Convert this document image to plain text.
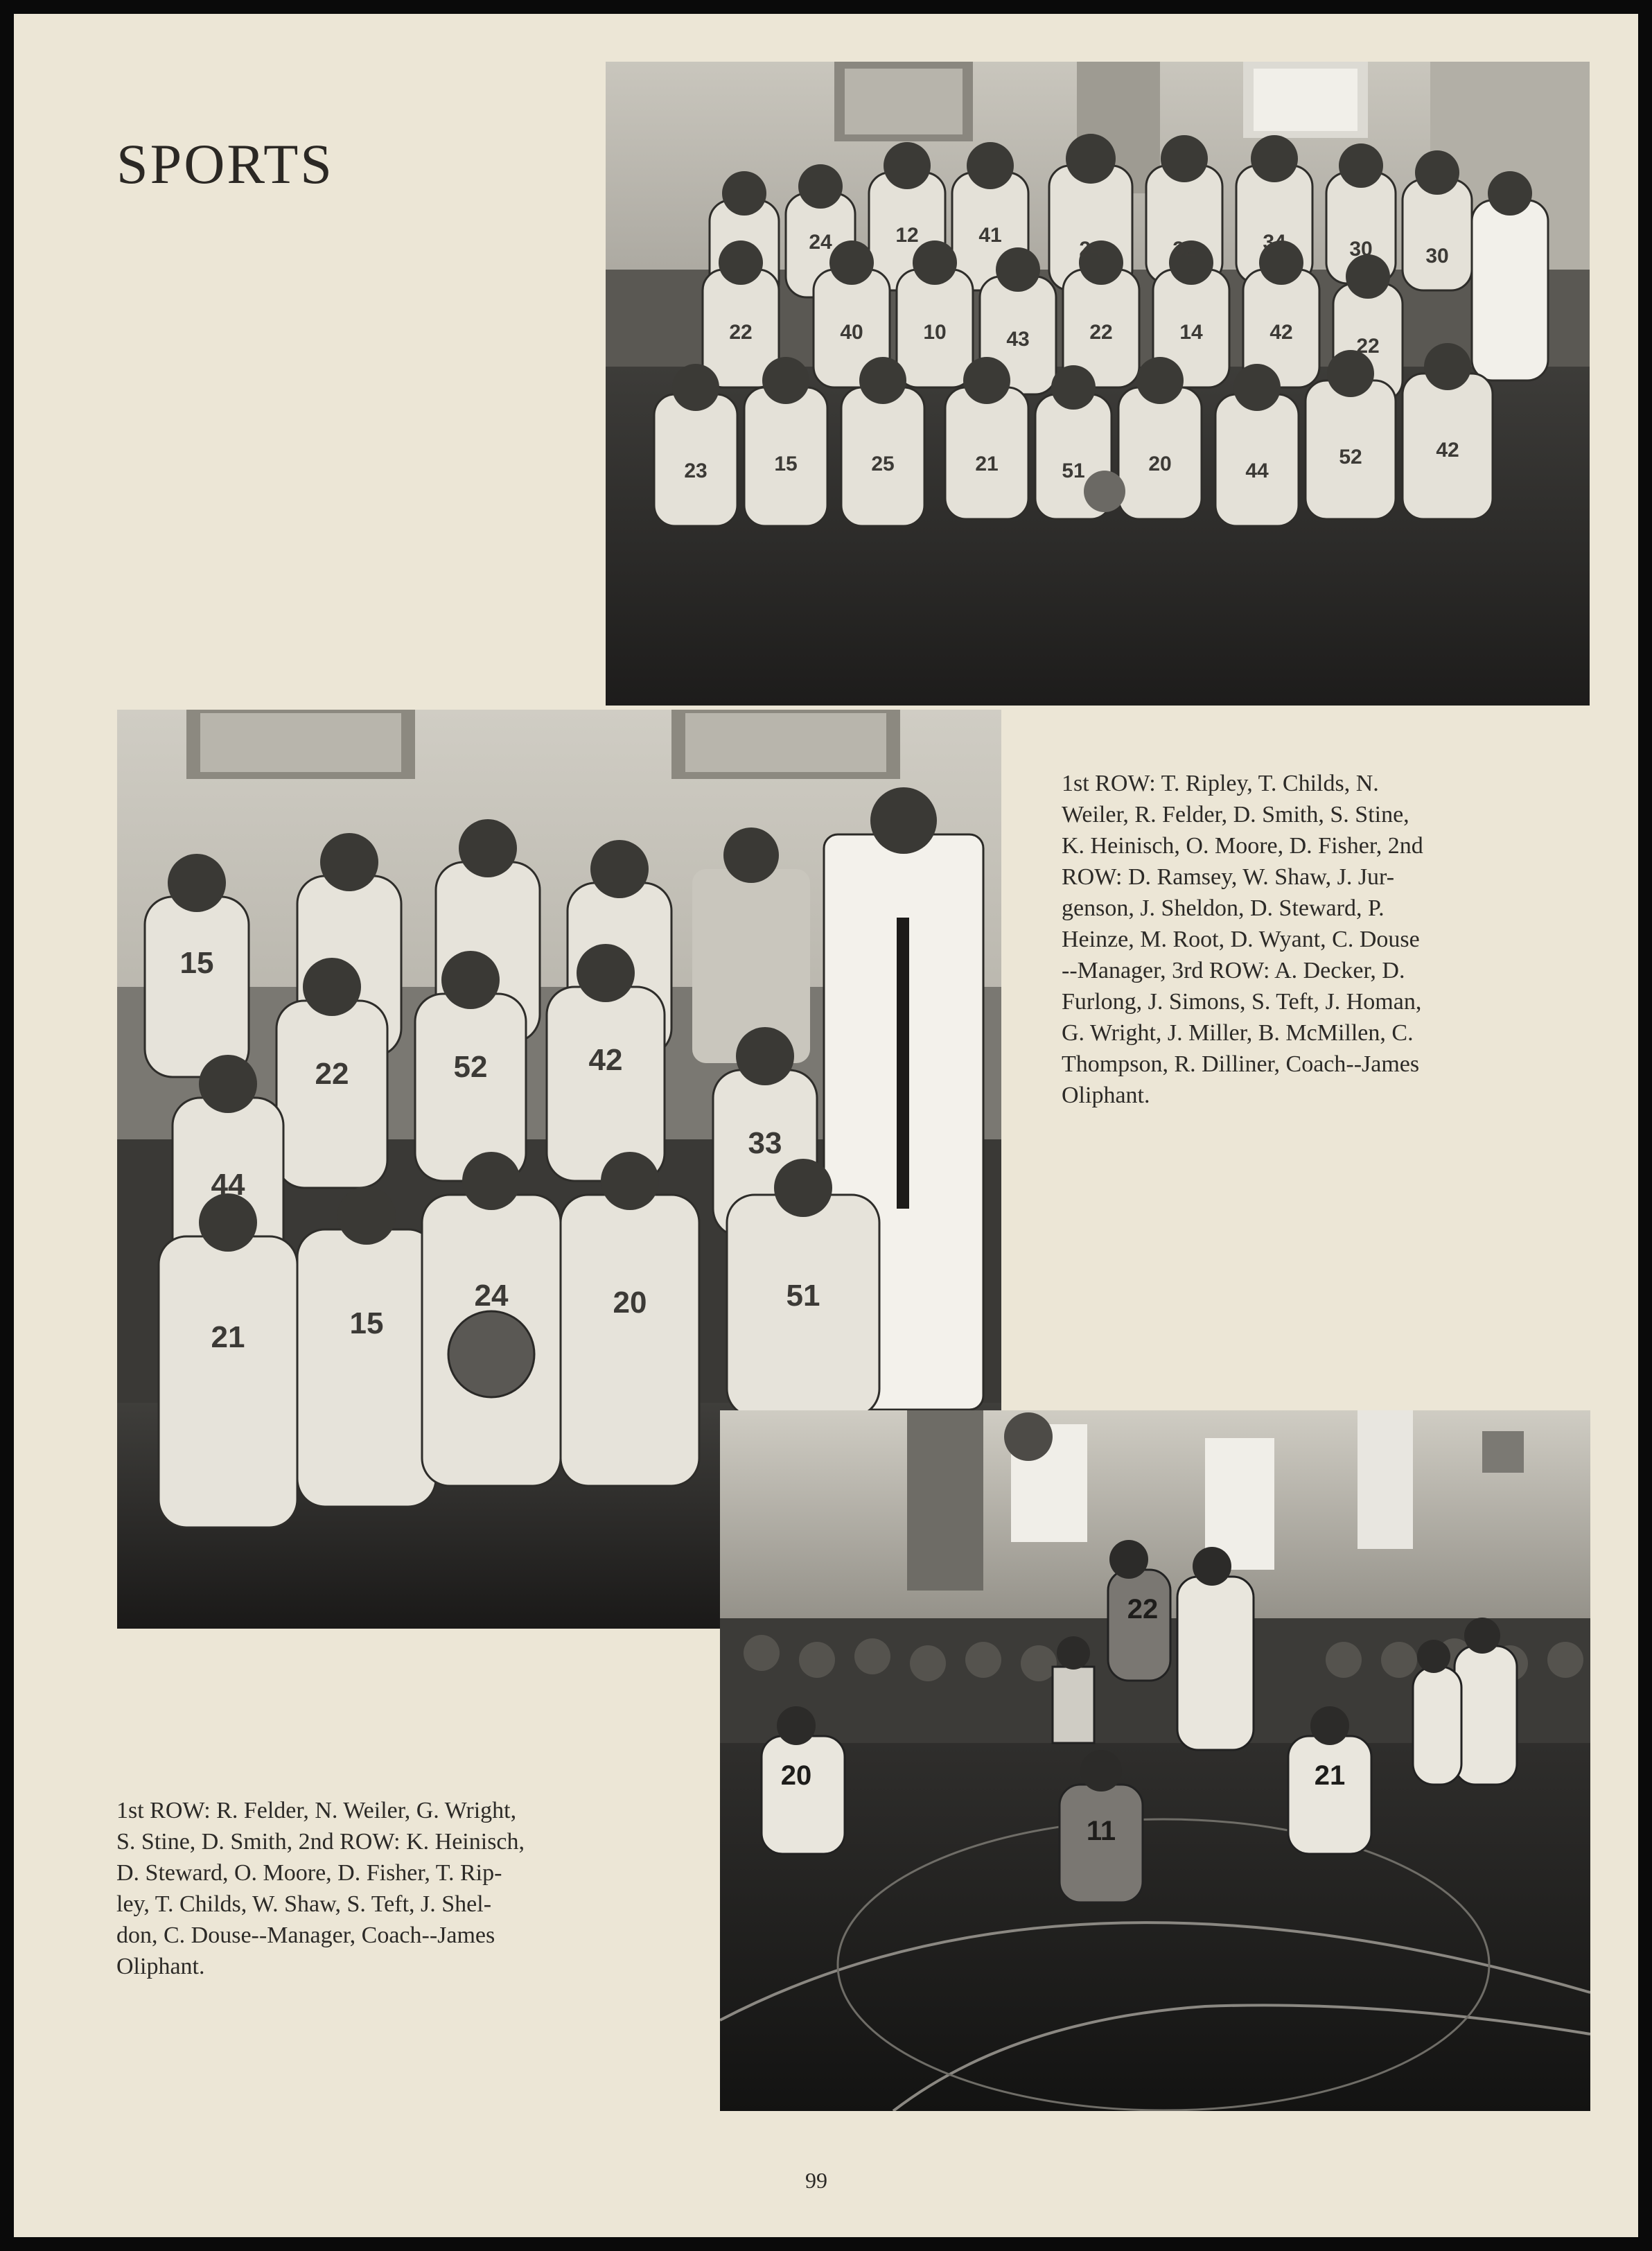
SPORTS
24	32
24	12	41	34	30	30
22	40	10	43	22	14	42
22
23	15	25	21	51	20	44
52	42
15
22	52	42
44
33
21	15
24	20	51
22
11
21
20
1st ROW: T. Ripley, T. Childs, N.
Weiler, R. Felder, D. Smith, S. Stine,
K. Heinisch, O. Moore, D. Fisher, 2nd
ROW: D. Ramsey, W. Shaw, J. Jur-
genson, J. Sheldon, D. Steward, P.
Heinze, M. Root, D. Wyant, C. Douse
--Manager, 3rd ROW: A. Decker, D.
Furlong, J. Simons, S. Teft, J. Homan,
G. Wright, J. Miller, B. McMillen, C.
Thompson, R. Dilliner, Coach--James
Oliphant.
1st ROW: R. Felder, N. Weiler, G. Wright,
S. Stine, D. Smith, 2nd ROW: K. Heinisch,
D. Steward, O. Moore, D. Fisher, T. Rip-
ley, T. Childs, W. Shaw, S. Teft, J. Shel-
don, C. Douse--Manager, Coach--James
Oliphant.
99
